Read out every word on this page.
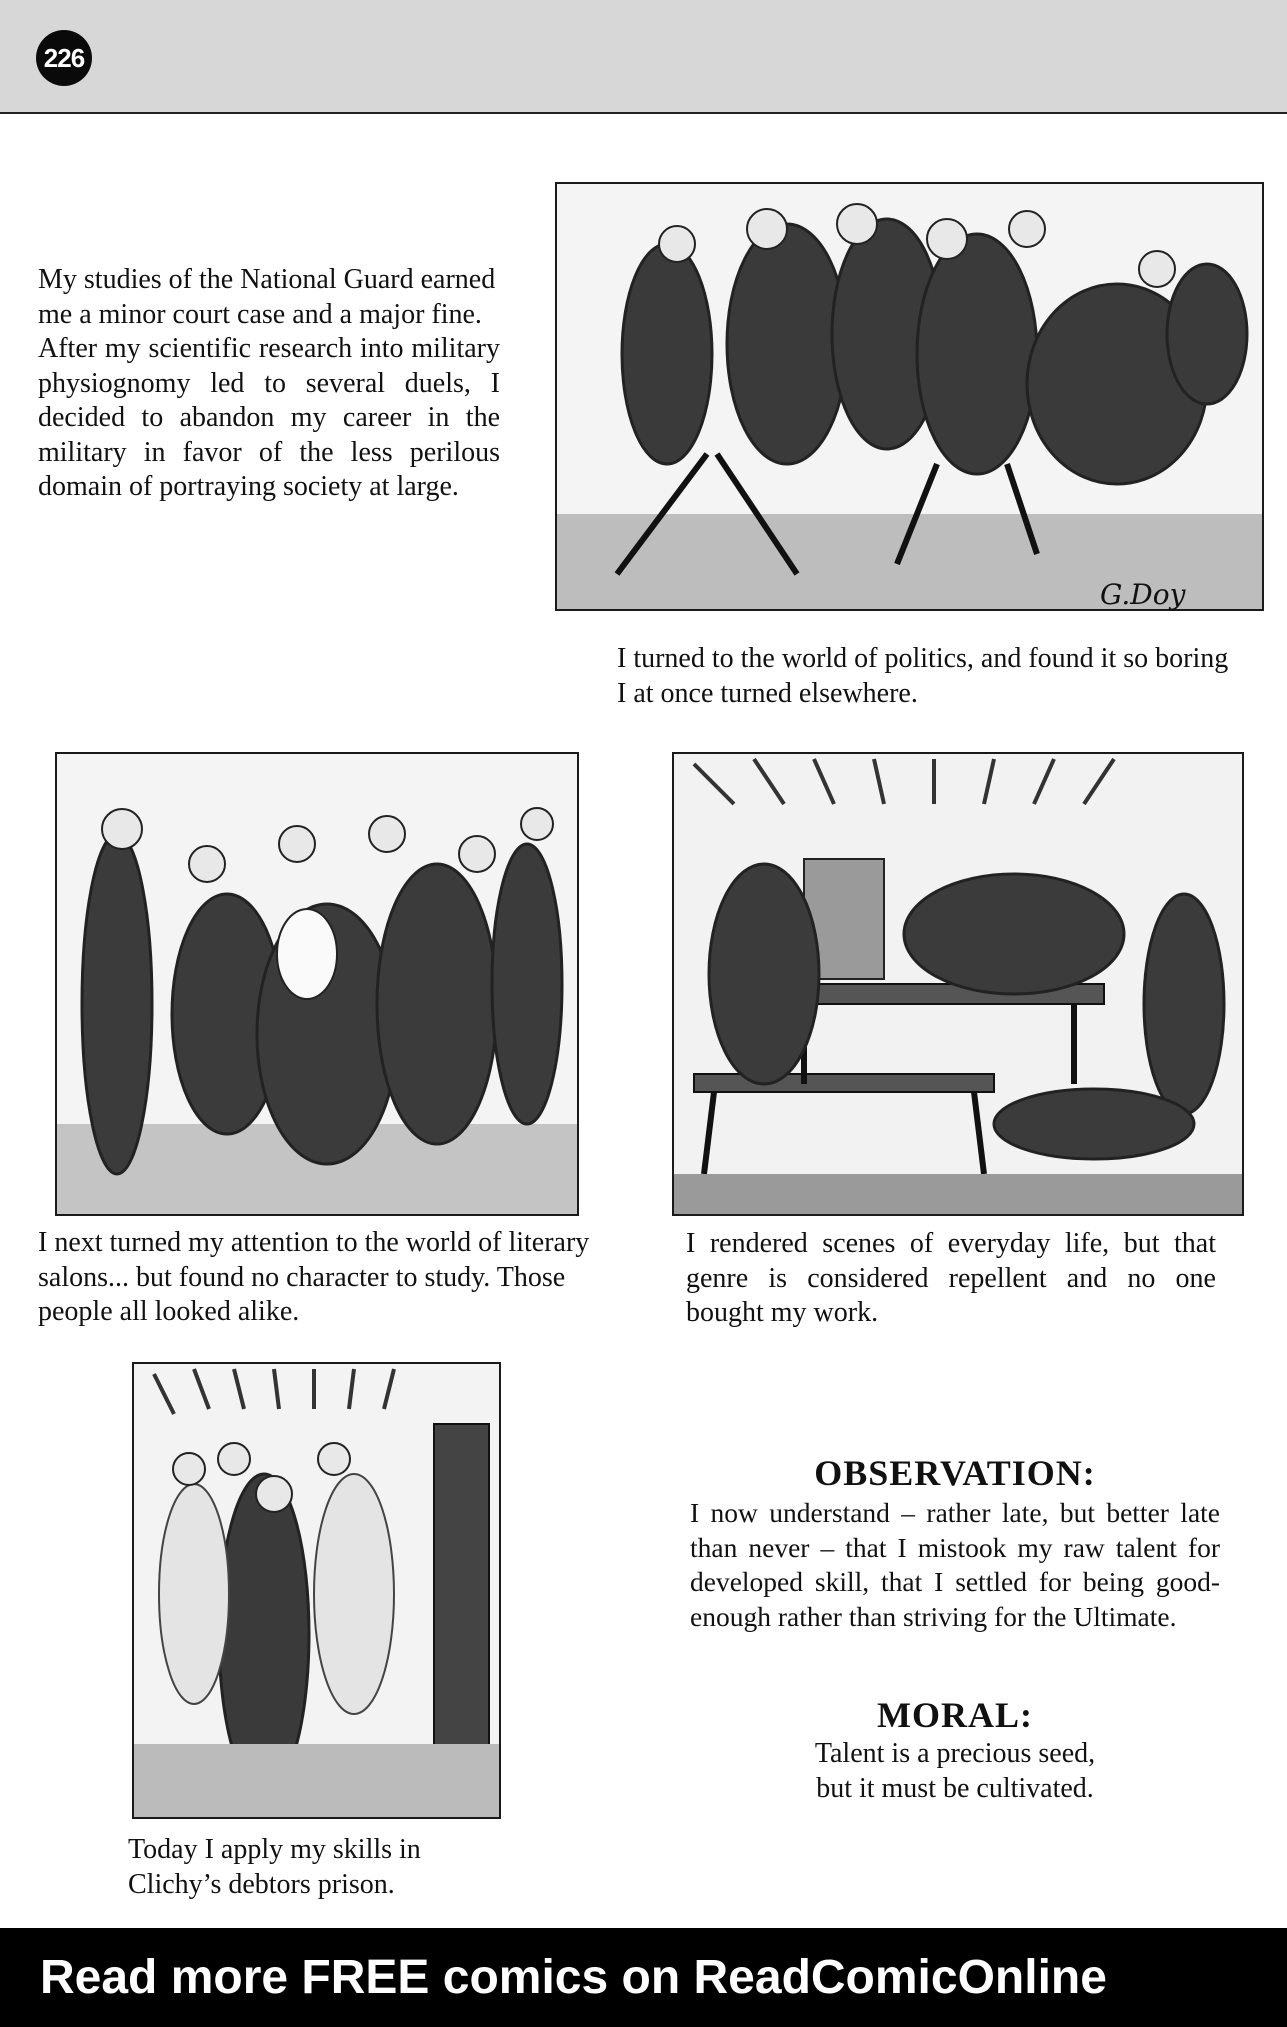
226
My studies of the National Guard earned me a minor court case and a major fine.
After my scientific research into military physiognomy led to several duels, I decided to abandon my career in the military in favor of the less perilous domain of portraying society at large.
G.Doy
I turned to the world of politics, and found it so boring I at once turned elsewhere.
I next turned my attention to the world of literary salons... but found no character to study. Those people all looked alike.
I rendered scenes of everyday life, but that genre is considered repellent and no one bought my work.
Today I apply my skills in Clichy’s debtors prison.
OBSERVATION:
I now understand – rather late, but better late than never – that I mistook my raw talent for developed skill, that I settled for being good-enough rather than striving for the Ultimate.
MORAL:
Talent is a precious seed,
but it must be cultivated.
Read more FREE comics on ReadComicOnline
